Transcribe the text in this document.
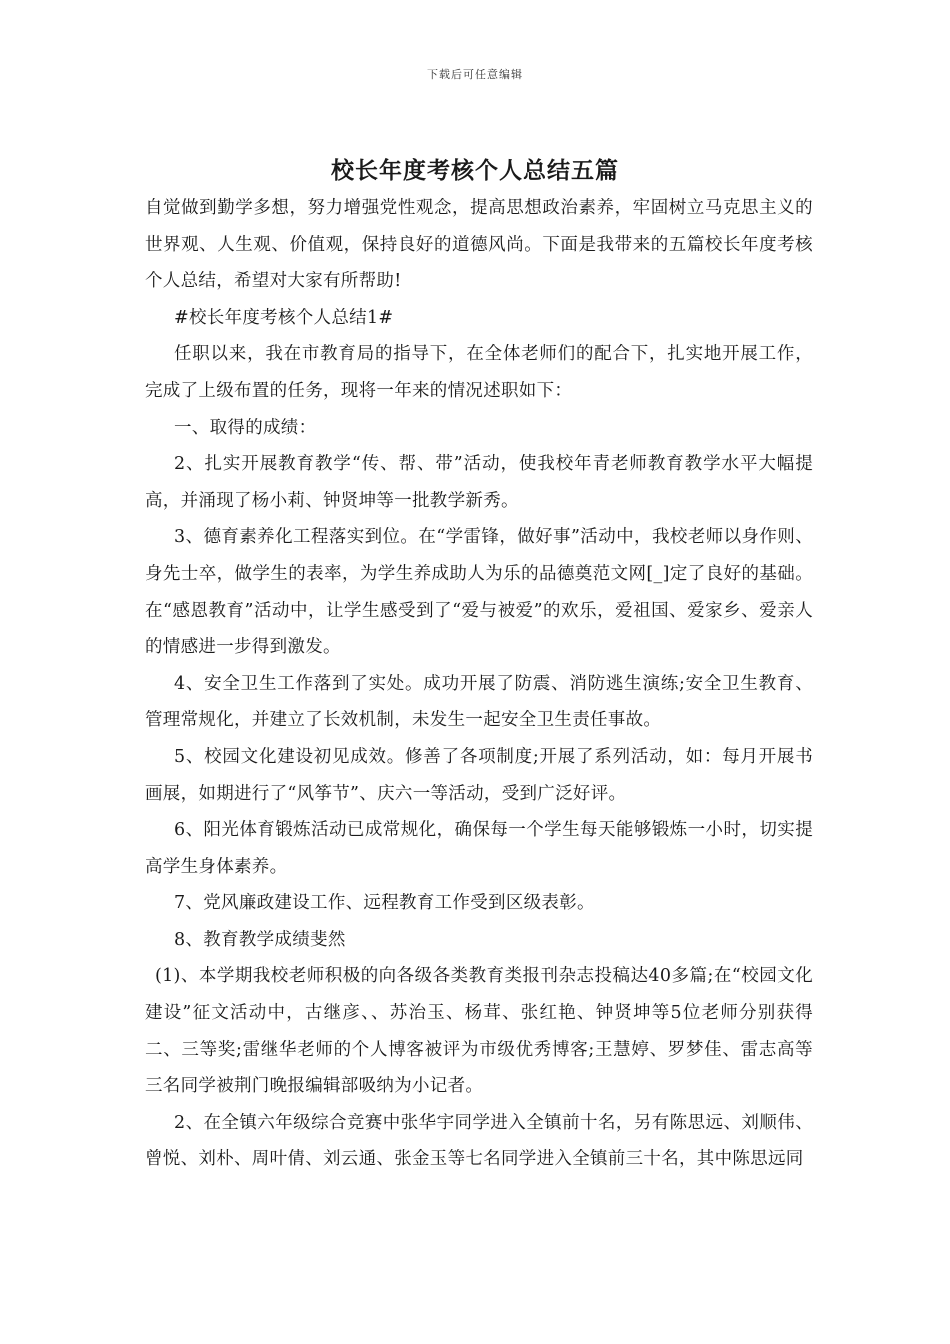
下载后可任意编辑
校长年度考核个人总结五篇

自觉做到勤学多想，努力增强党性观念，提高思想政治素养，牢固树立马克思主义的世界观、人生观、价值观，保持良好的道德风尚。下面是我带来的五篇校长年度考核个人总结，希望对大家有所帮助!

#校长年度考核个人总结1#

任职以来，我在市教育局的指导下，在全体老师们的配合下，扎实地开展工作，完成了上级布置的任务，现将一年来的情况述职如下：

一、取得的成绩：

2、扎实开展教育教学“传、帮、带”活动，使我校年青老师教育教学水平大幅提高，并涌现了杨小莉、钟贤坤等一批教学新秀。

3、德育素养化工程落实到位。在“学雷锋，做好事”活动中，我校老师以身作则、身先士卒，做学生的表率，为学生养成助人为乐的品德奠范文网[_]定了良好的基础。在“感恩教育”活动中，让学生感受到了“爱与被爱”的欢乐，爱祖国、爱家乡、爱亲人的情感进一步得到激发。

4、安全卫生工作落到了实处。成功开展了防震、消防逃生演练;安全卫生教育、管理常规化，并建立了长效机制，未发生一起安全卫生责任事故。

5、校园文化建设初见成效。修善了各项制度;开展了系列活动，如：每月开展书画展，如期进行了“风筝节”、庆六一等活动，受到广泛好评。

6、阳光体育锻炼活动已成常规化，确保每一个学生每天能够锻炼一小时，切实提高学生身体素养。

7、党风廉政建设工作、远程教育工作受到区级表彰。

8、教育教学成绩斐然

(1)、本学期我校老师积极的向各级各类教育类报刊杂志投稿达40多篇;在“校园文化建设”征文活动中，古继彦、、苏治玉、杨茸、张红艳、钟贤坤等5位老师分别获得二、三等奖;雷继华老师的个人博客被评为市级优秀博客;王慧婷、罗梦佳、雷志高等三名同学被荆门晚报编辑部吸纳为小记者。

2、在全镇六年级综合竞赛中张华宇同学进入全镇前十名，另有陈思远、刘顺伟、曾悦、刘朴、周叶倩、刘云通、张金玉等七名同学进入全镇前三十名，其中陈思远同
